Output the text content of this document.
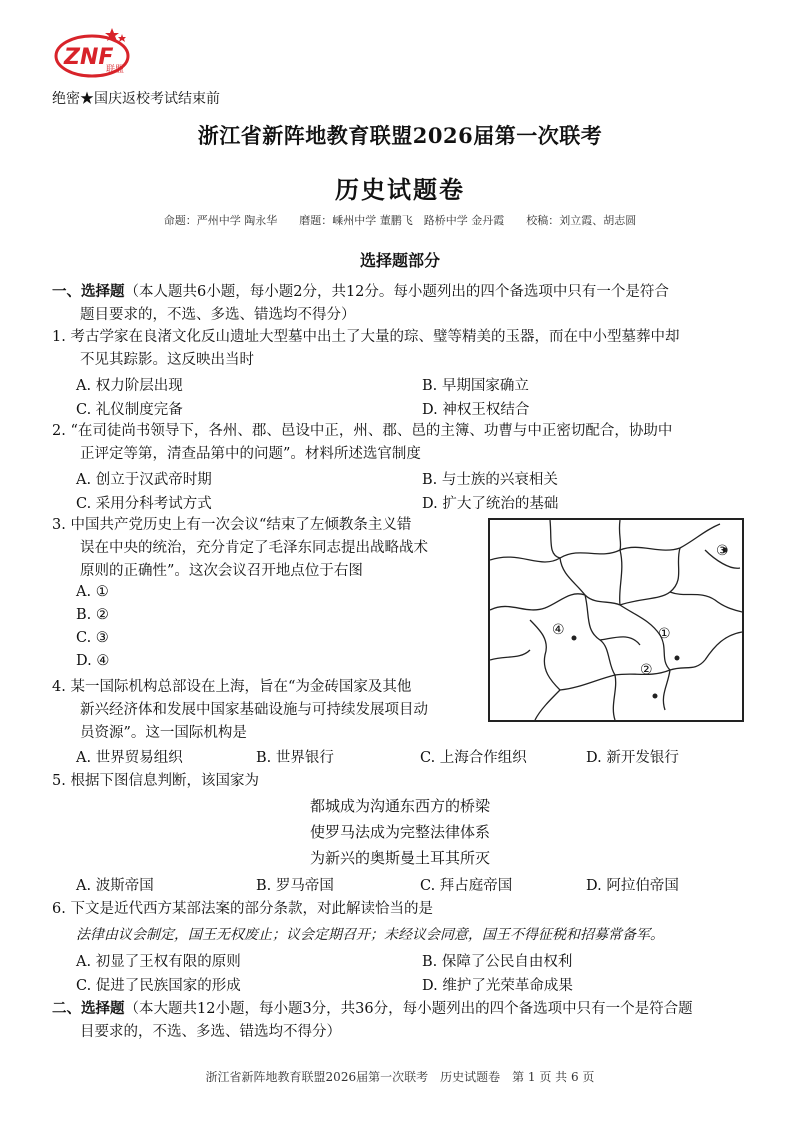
ZNF
联盟
绝密★国庆返校考试结束前
浙江省新阵地教育联盟2026届第一次联考
历史试题卷
命题：严州中学 陶永华　　磨题：嵊州中学 董鹏飞　路桥中学 金丹霞　　校稿：刘立霞、胡志圆
选择题部分
一、选择题（本人题共6小题，每小题2分，共12分。每小题列出的四个备选项中只有一个是符合
题目要求的，不选、多选、错选均不得分）
1. 考古学家在良渚文化反山遗址大型墓中出土了大量的琮、璧等精美的玉器，而在中小型墓葬中却

不见其踪影。这反映出当时
A. 权力阶层出现	B. 早期国家确立
C. 礼仪制度完备	D. 神权王权结合
2. “在司徒尚书领导下，各州、郡、邑设中正，州、郡、邑的主簿、功曹与中正密切配合，协助中

正评定等第，清查品第中的问题”。材料所述选官制度
A. 创立于汉武帝时期	B. 与士族的兴衰相关
C. 采用分科考试方式	D. 扩大了统治的基础
3. 中国共产党历史上有一次会议“结束了左倾教条主义错

误在中央的统治，充分肯定了毛泽东同志提出战略战术
原则的正确性”。这次会议召开地点位于右图
A. ①
B. ②
C. ③
D. ④
③
①
②
④
4. 某一国际机构总部设在上海，旨在“为金砖国家及其他

新兴经济体和发展中国家基础设施与可持续发展项目动
员资源”。这一国际机构是
A. 世界贸易组织	B. 世界银行	C. 上海合作组织	D. 新开发银行
5. 根据下图信息判断，该国家为
都城成为沟通东西方的桥梁
使罗马法成为完整法律体系
为新兴的奥斯曼土耳其所灭
A. 波斯帝国	B. 罗马帝国	C. 拜占庭帝国	D. 阿拉伯帝国
6. 下文是近代西方某部法案的部分条款，对此解读恰当的是
法律由议会制定，国王无权废止；议会定期召开；未经议会同意，国王不得征税和招募常备军。
A. 初显了王权有限的原则	B. 保障了公民自由权利
C. 促进了民族国家的形成	D. 维护了光荣革命成果
二、选择题（本大题共12小题，每小题3分，共36分，每小题列出的四个备选项中只有一个是符合题
目要求的，不选、多选、错选均不得分）
浙江省新阵地教育联盟2026届第一次联考　历史试题卷　第 1 页 共 6 页
